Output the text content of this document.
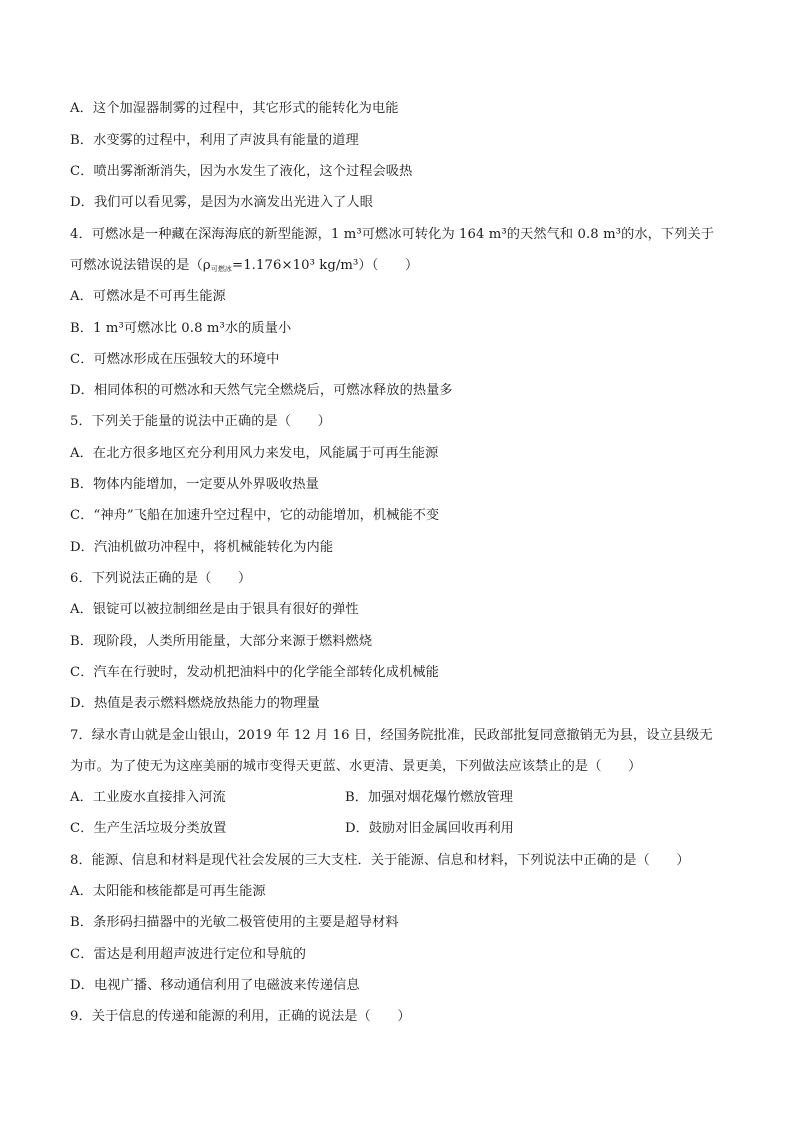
A．这个加湿器制雾的过程中，其它形式的能转化为电能
B．水变雾的过程中，利用了声波具有能量的道理
C．喷出雾渐渐消失，因为水发生了液化，这个过程会吸热
D．我们可以看见雾，是因为水滴发出光进入了人眼
4．可燃冰是一种藏在深海海底的新型能源，1 m³可燃冰可转化为 164 m³的天然气和 0.8 m³的水，下列关于
可燃冰说法错误的是（$\rho_{可燃冰}=1.176\times 10^3$ kg/m³）（　　）
A．可燃冰是不可再生能源
B．1 m³可燃冰比 0.8 m³水的质量小
C．可燃冰形成在压强较大的环境中
D．相同体积的可燃冰和天然气完全燃烧后，可燃冰释放的热量多
5．下列关于能量的说法中正确的是（　　）
A．在北方很多地区充分利用风力来发电，风能属于可再生能源
B．物体内能增加，一定要从外界吸收热量
C．“神舟”飞船在加速升空过程中，它的动能增加，机械能不变
D．汽油机做功冲程中，将机械能转化为内能
6．下列说法正确的是（　　）
A．银锭可以被拉制细丝是由于银具有很好的弹性
B．现阶段，人类所用能量，大部分来源于燃料燃烧
C．汽车在行驶时，发动机把油料中的化学能全部转化成机械能
D．热值是表示燃料燃烧放热能力的物理量
7．绿水青山就是金山银山，2019 年 12 月 16 日，经国务院批准，民政部批复同意撤销无为县，设立县级无
为市。为了使无为这座美丽的城市变得天更蓝、水更清、景更美，下列做法应该禁止的是（　　）
A．工业废水直接排入河流	B．加强对烟花爆竹燃放管理
C．生产生活垃圾分类放置	D．鼓励对旧金属回收再利用
8．能源、信息和材料是现代社会发展的三大支柱．关于能源、信息和材料，下列说法中正确的是（　　）
A．太阳能和核能都是可再生能源
B．条形码扫描器中的光敏二极管使用的主要是超导材料
C．雷达是利用超声波进行定位和导航的
D．电视广播、移动通信利用了电磁波来传递信息
9．关于信息的传递和能源的利用，正确的说法是（　　）
